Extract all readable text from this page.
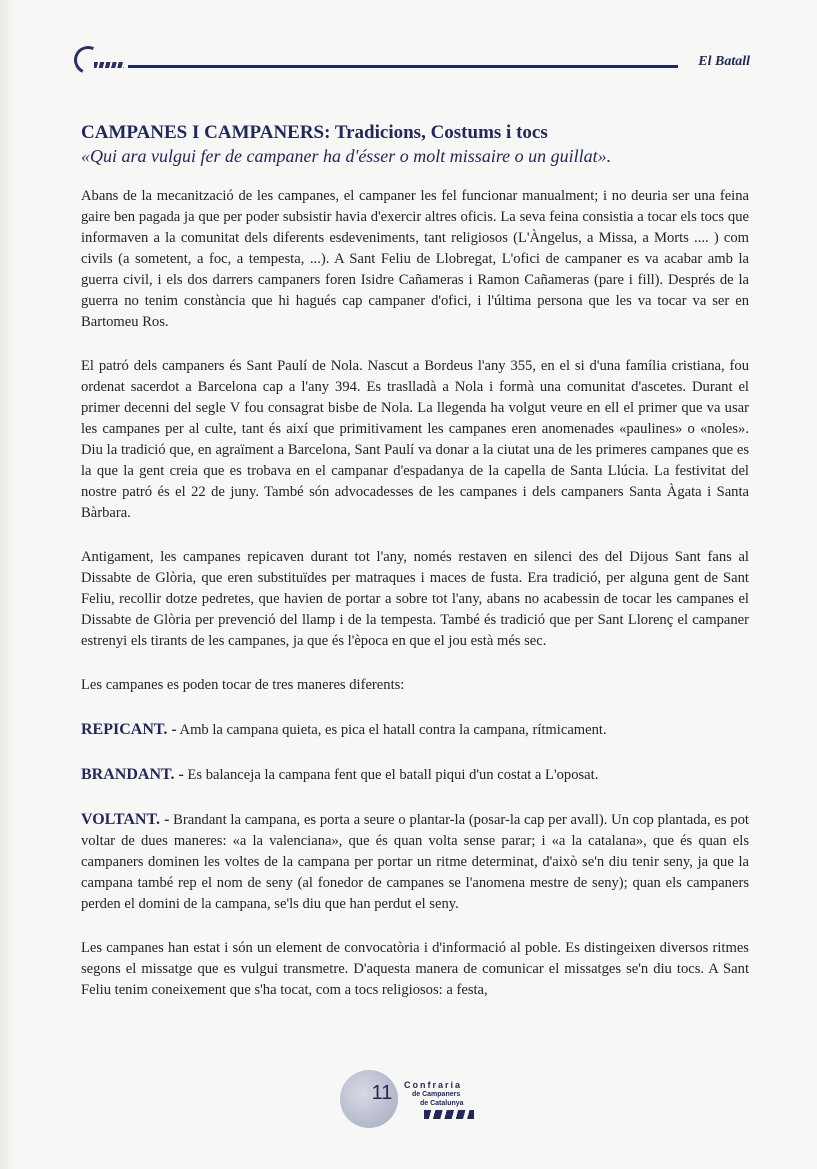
El Batall
CAMPANES I CAMPANERS: Tradicions, Costums i tocs
«Qui ara vulgui fer de campaner ha d'ésser o molt missaire o un guillat».

Abans de la mecanització de les campanes, el campaner les fel funcionar manualment; i no deuria ser una feina gaire ben pagada ja que per poder subsistir havia d'exercir altres oficis. La seva feina consistia a tocar els tocs que informaven a la comunitat dels diferents esdeveniments, tant religiosos (L'Àngelus, a Missa, a Morts .... ) com civils (a sometent, a foc, a tempesta, ...). A Sant Feliu de Llobregat, L'ofici de campaner es va acabar amb la guerra civil, i els dos darrers campaners foren Isidre Cañameras i Ramon Cañameras (pare i fill). Després de la guerra no tenim constància que hi hagués cap campaner d'ofici, i l'última persona que les va tocar va ser en Bartomeu Ros.

El patró dels campaners és Sant Paulí de Nola. Nascut a Bordeus l'any 355, en el si d'una família cristiana, fou ordenat sacerdot a Barcelona cap a l'any 394. Es traslladà a Nola i formà una comunitat d'ascetes. Durant el primer decenni del segle V fou consagrat bisbe de Nola. La llegenda ha volgut veure en ell el primer que va usar les campanes per al culte, tant és així que primitivament les campanes eren anomenades «paulines» o «noles». Diu la tradició que, en agraïment a Barcelona, Sant Paulí va donar a la ciutat una de les primeres campanes que es la que la gent creia que es trobava en el campanar d'espadanya de la capella de Santa Llúcia. La festivitat del nostre patró és el 22 de juny. També són advocadesses de les campanes i dels campaners Santa Àgata i Santa Bàrbara.

Antigament, les campanes repicaven durant tot l'any, només restaven en silenci des del Dijous Sant fans al Dissabte de Glòria, que eren substituïdes per matraques i maces de fusta. Era tradició, per alguna gent de Sant Feliu, recollir dotze pedretes, que havien de portar a sobre tot l'any, abans no acabessin de tocar les campanes el Dissabte de Glòria per prevenció del llamp i de la tempesta. També és tradició que per Sant Llorenç el campaner estrenyi els tirants de les campanes, ja que és l'època en que el jou està més sec.

Les campanes es poden tocar de tres maneres diferents:

REPICANT. - Amb la campana quieta, es pica el hatall contra la campana, rítmicament.

BRANDANT. - Es balanceja la campana fent que el batall piqui d'un costat a L'oposat.

VOLTANT. - Brandant la campana, es porta a seure o plantar-la (posar-la cap per avall). Un cop plantada, es pot voltar de dues maneres: «a la valenciana», que és quan volta sense parar; i «a la catalana», que és quan els campaners dominen les voltes de la campana per portar un ritme determinat, d'això se'n diu tenir seny, ja que la campana també rep el nom de seny (al fonedor de campanes se l'anomena mestre de seny); quan els campaners perden el domini de la campana, se'ls diu que han perdut el seny.

Les campanes han estat i són un element de convocatòria i d'informació al poble. Es distingeixen diversos ritmes segons el missatge que es vulgui transmetre. D'aquesta manera de comunicar el missatges se'n diu tocs. A Sant Feliu tenim coneixement que s'ha tocat, com a tocs religiosos: a festa,

11	Confraria
de Campaners
de Catalunya
